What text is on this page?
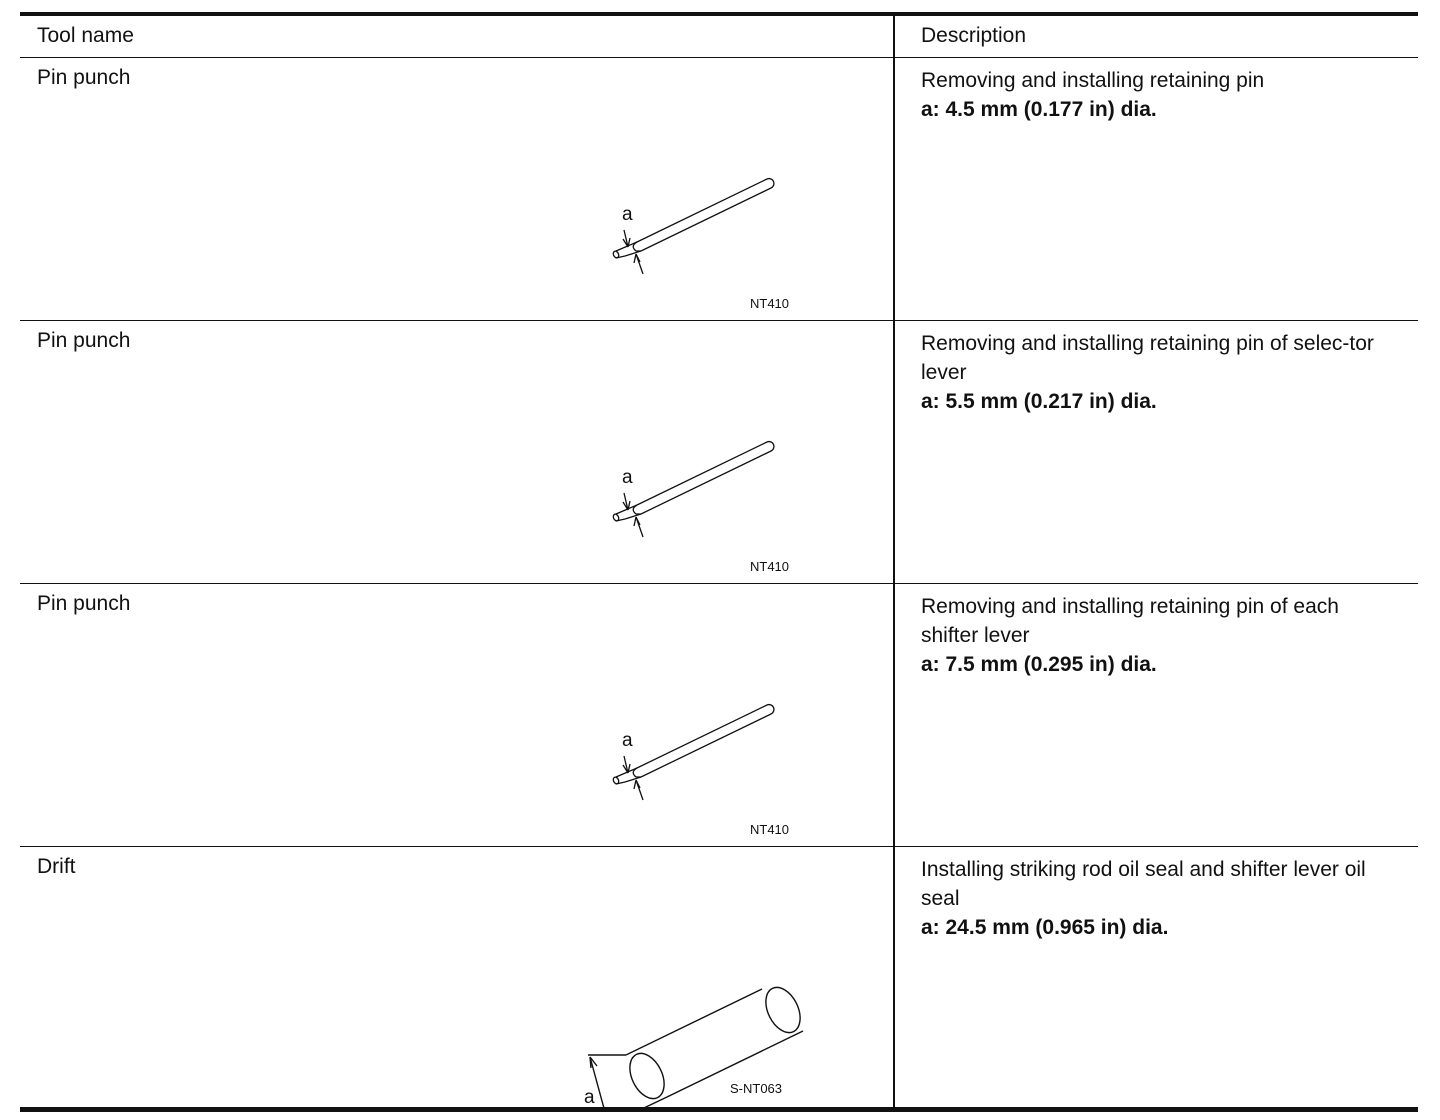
Tool name	Description
Pin punch
a
NT410
Removing and installing retaining pin
a: 4.5 mm (0.177 in) dia.
Pin punch
a
NT410
Removing and installing retaining pin of selec-tor lever
a: 5.5 mm (0.217 in) dia.
Pin punch
a
NT410
Removing and installing retaining pin of each shifter lever
a: 7.5 mm (0.295 in) dia.
Drift
a	S-NT063
Installing striking rod oil seal and shifter lever oil seal
a: 24.5 mm (0.965 in) dia.
